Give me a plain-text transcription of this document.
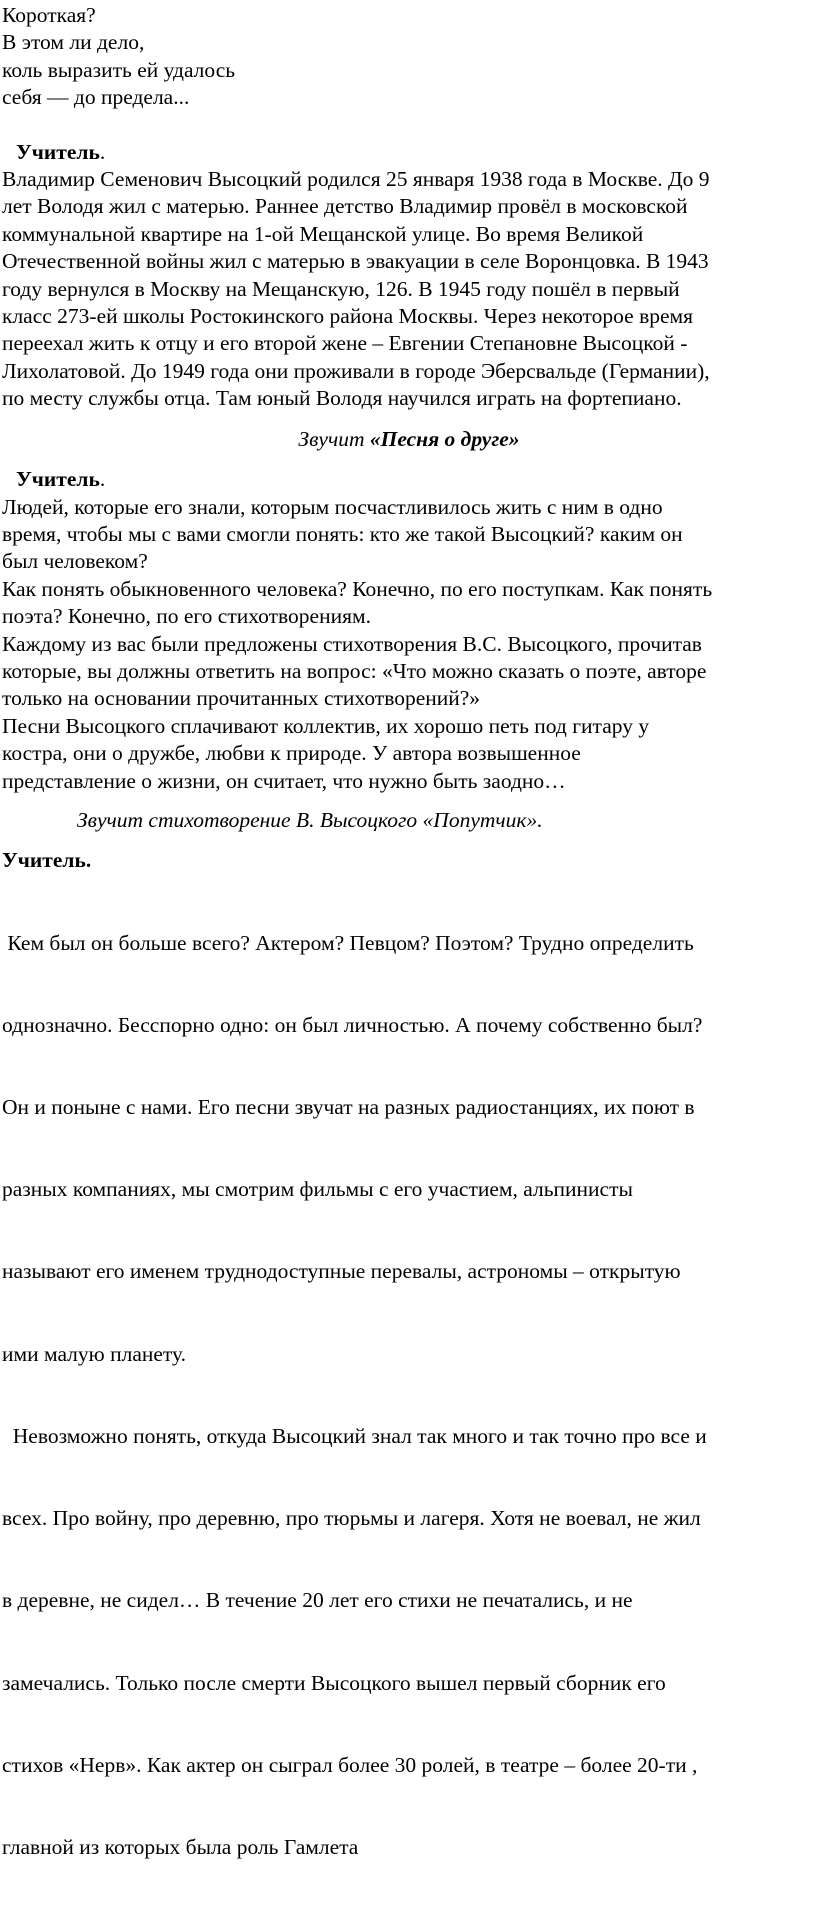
Короткая?
В этом ли дело,
коль выразить ей удалось
себя — до предела...
Учитель.
Владимир Семенович Высоцкий родился 25 января 1938 года в Москве. До 9
лет Володя жил с матерью. Раннее детство Владимир провёл в московской
коммунальной квартире на 1-ой Мещанской улице. Во время Великой
Отечественной войны жил с матерью в эвакуации в селе Воронцовка. В 1943
году вернулся в Москву на Мещанскую, 126. В 1945 году пошёл в первый
класс 273-ей школы Ростокинского района Москвы. Через некоторое время
переехал жить к отцу и его второй жене – Евгении Степановне Высоцкой -
Лихолатовой. До 1949 года они проживали в городе Эберсвальде (Германии),
по месту службы отца. Там юный Володя научился играть на фортепиано.
Звучит «Песня о друге»
Учитель.
Людей, которые его знали, которым посчастливилось жить с ним в одно
время, чтобы мы с вами смогли понять: кто же такой Высоцкий? каким он
был человеком?
Как понять обыкновенного человека? Конечно, по его поступкам. Как понять
поэта? Конечно, по его стихотворениям.
Каждому из вас были предложены стихотворения В.С. Высоцкого, прочитав
которые, вы должны ответить на вопрос: «Что можно сказать о поэте, авторе
только на основании прочитанных стихотворений?»
Песни Высоцкого сплачивают коллектив, их хорошо петь под гитару у
костра, они о дружбе, любви к природе. У автора возвышенное
представление о жизни, он считает, что нужно быть заодно…
Звучит стихотворение В. Высоцкого «Попутчик».
Учитель.

Кем был он больше всего? Актером? Певцом? Поэтом? Трудно определить

однозначно. Бесспорно одно: он был личностью. А почему собственно был?

Он и поныне с нами. Его песни звучат на разных радиостанциях, их поют в

разных компаниях, мы смотрим фильмы с его участием, альпинисты

называют его именем труднодоступные перевалы, астрономы – открытую

ими малую планету.

Невозможно понять, откуда Высоцкий знал так много и так точно про все и

всех. Про войну, про деревню, про тюрьмы и лагеря. Хотя не воевал, не жил

в деревне, не сидел… В течение 20 лет его стихи не печатались, и не

замечались. Только после смерти Высоцкого вышел первый сборник его

стихов «Нерв». Как актер он сыграл более 30 ролей, в театре – более 20-ти ,

главной из которых была роль Гамлета
